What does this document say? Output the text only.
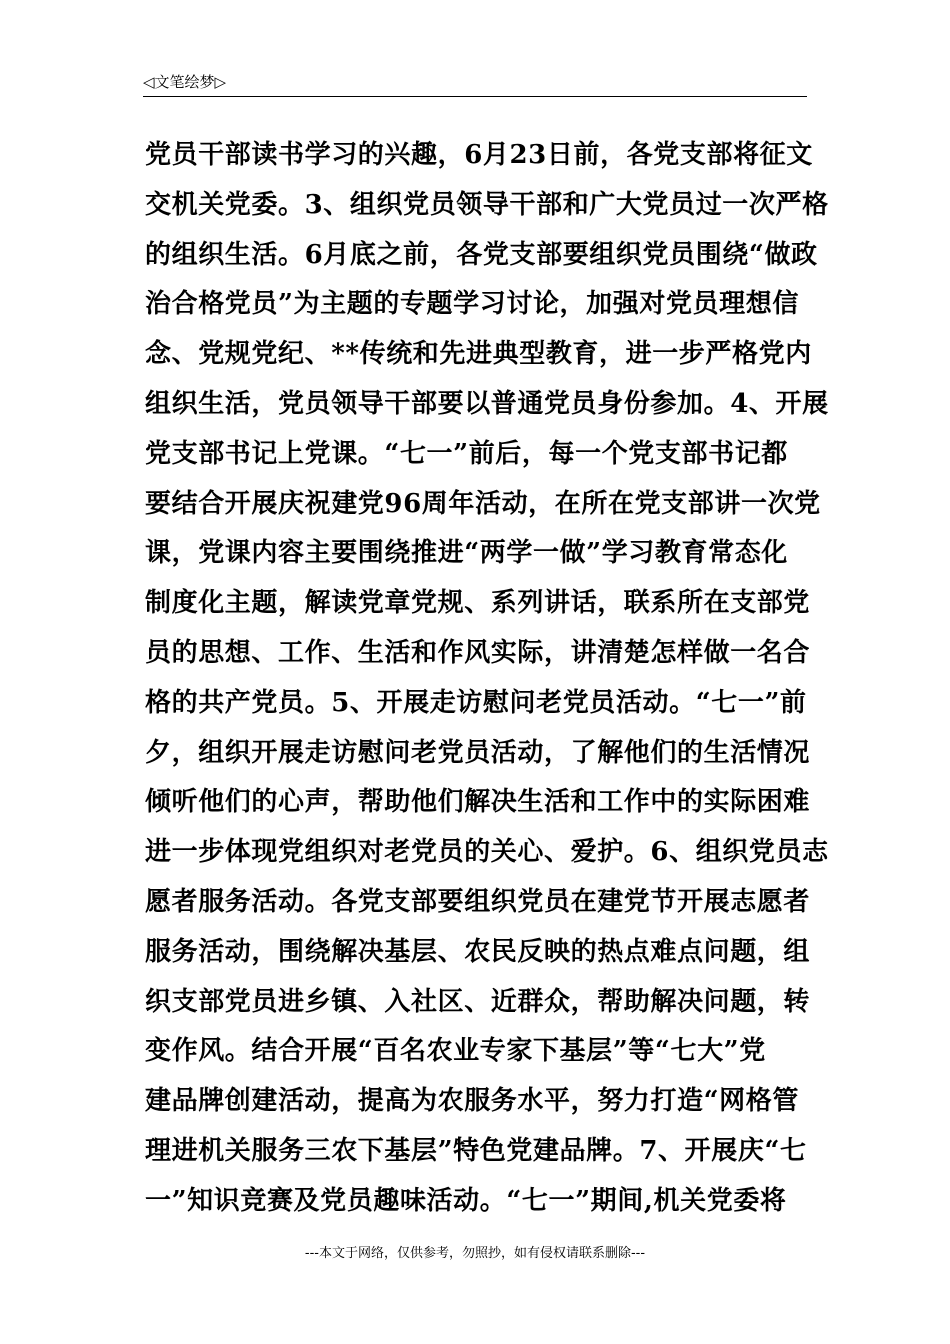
◁文笔绘梦▷
党员干部读书学习的兴趣，6月23日前，各党支部将征文
交机关党委。3、组织党员领导干部和广大党员过一次严格
的组织生活。6月底之前，各党支部要组织党员围绕“做政
治合格党员”为主题的专题学习讨论，加强对党员理想信
念、党规党纪、**传统和先进典型教育，进一步严格党内
组织生活，党员领导干部要以普通党员身份参加。4、开展
党支部书记上党课。“七一”前后，每一个党支部书记都
要结合开展庆祝建党96周年活动，在所在党支部讲一次党
课，党课内容主要围绕推进“两学一做”学习教育常态化
制度化主题，解读党章党规、系列讲话，联系所在支部党
员的思想、工作、生活和作风实际，讲清楚怎样做一名合
格的共产党员。5、开展走访慰问老党员活动。“七一”前
夕，组织开展走访慰问老党员活动，了解他们的生活情况
倾听他们的心声，帮助他们解决生活和工作中的实际困难
进一步体现党组织对老党员的关心、爱护。6、组织党员志
愿者服务活动。各党支部要组织党员在建党节开展志愿者
服务活动，围绕解决基层、农民反映的热点难点问题，组
织支部党员进乡镇、入社区、近群众，帮助解决问题，转
变作风。结合开展“百名农业专家下基层”等“七大”党
建品牌创建活动，提高为农服务水平，努力打造“网格管
理进机关服务三农下基层”特色党建品牌。7、开展庆“七
一”知识竞赛及党员趣味活动。“七一”期间,机关党委将
---本文于网络，仅供参考，勿照抄，如有侵权请联系删除---
